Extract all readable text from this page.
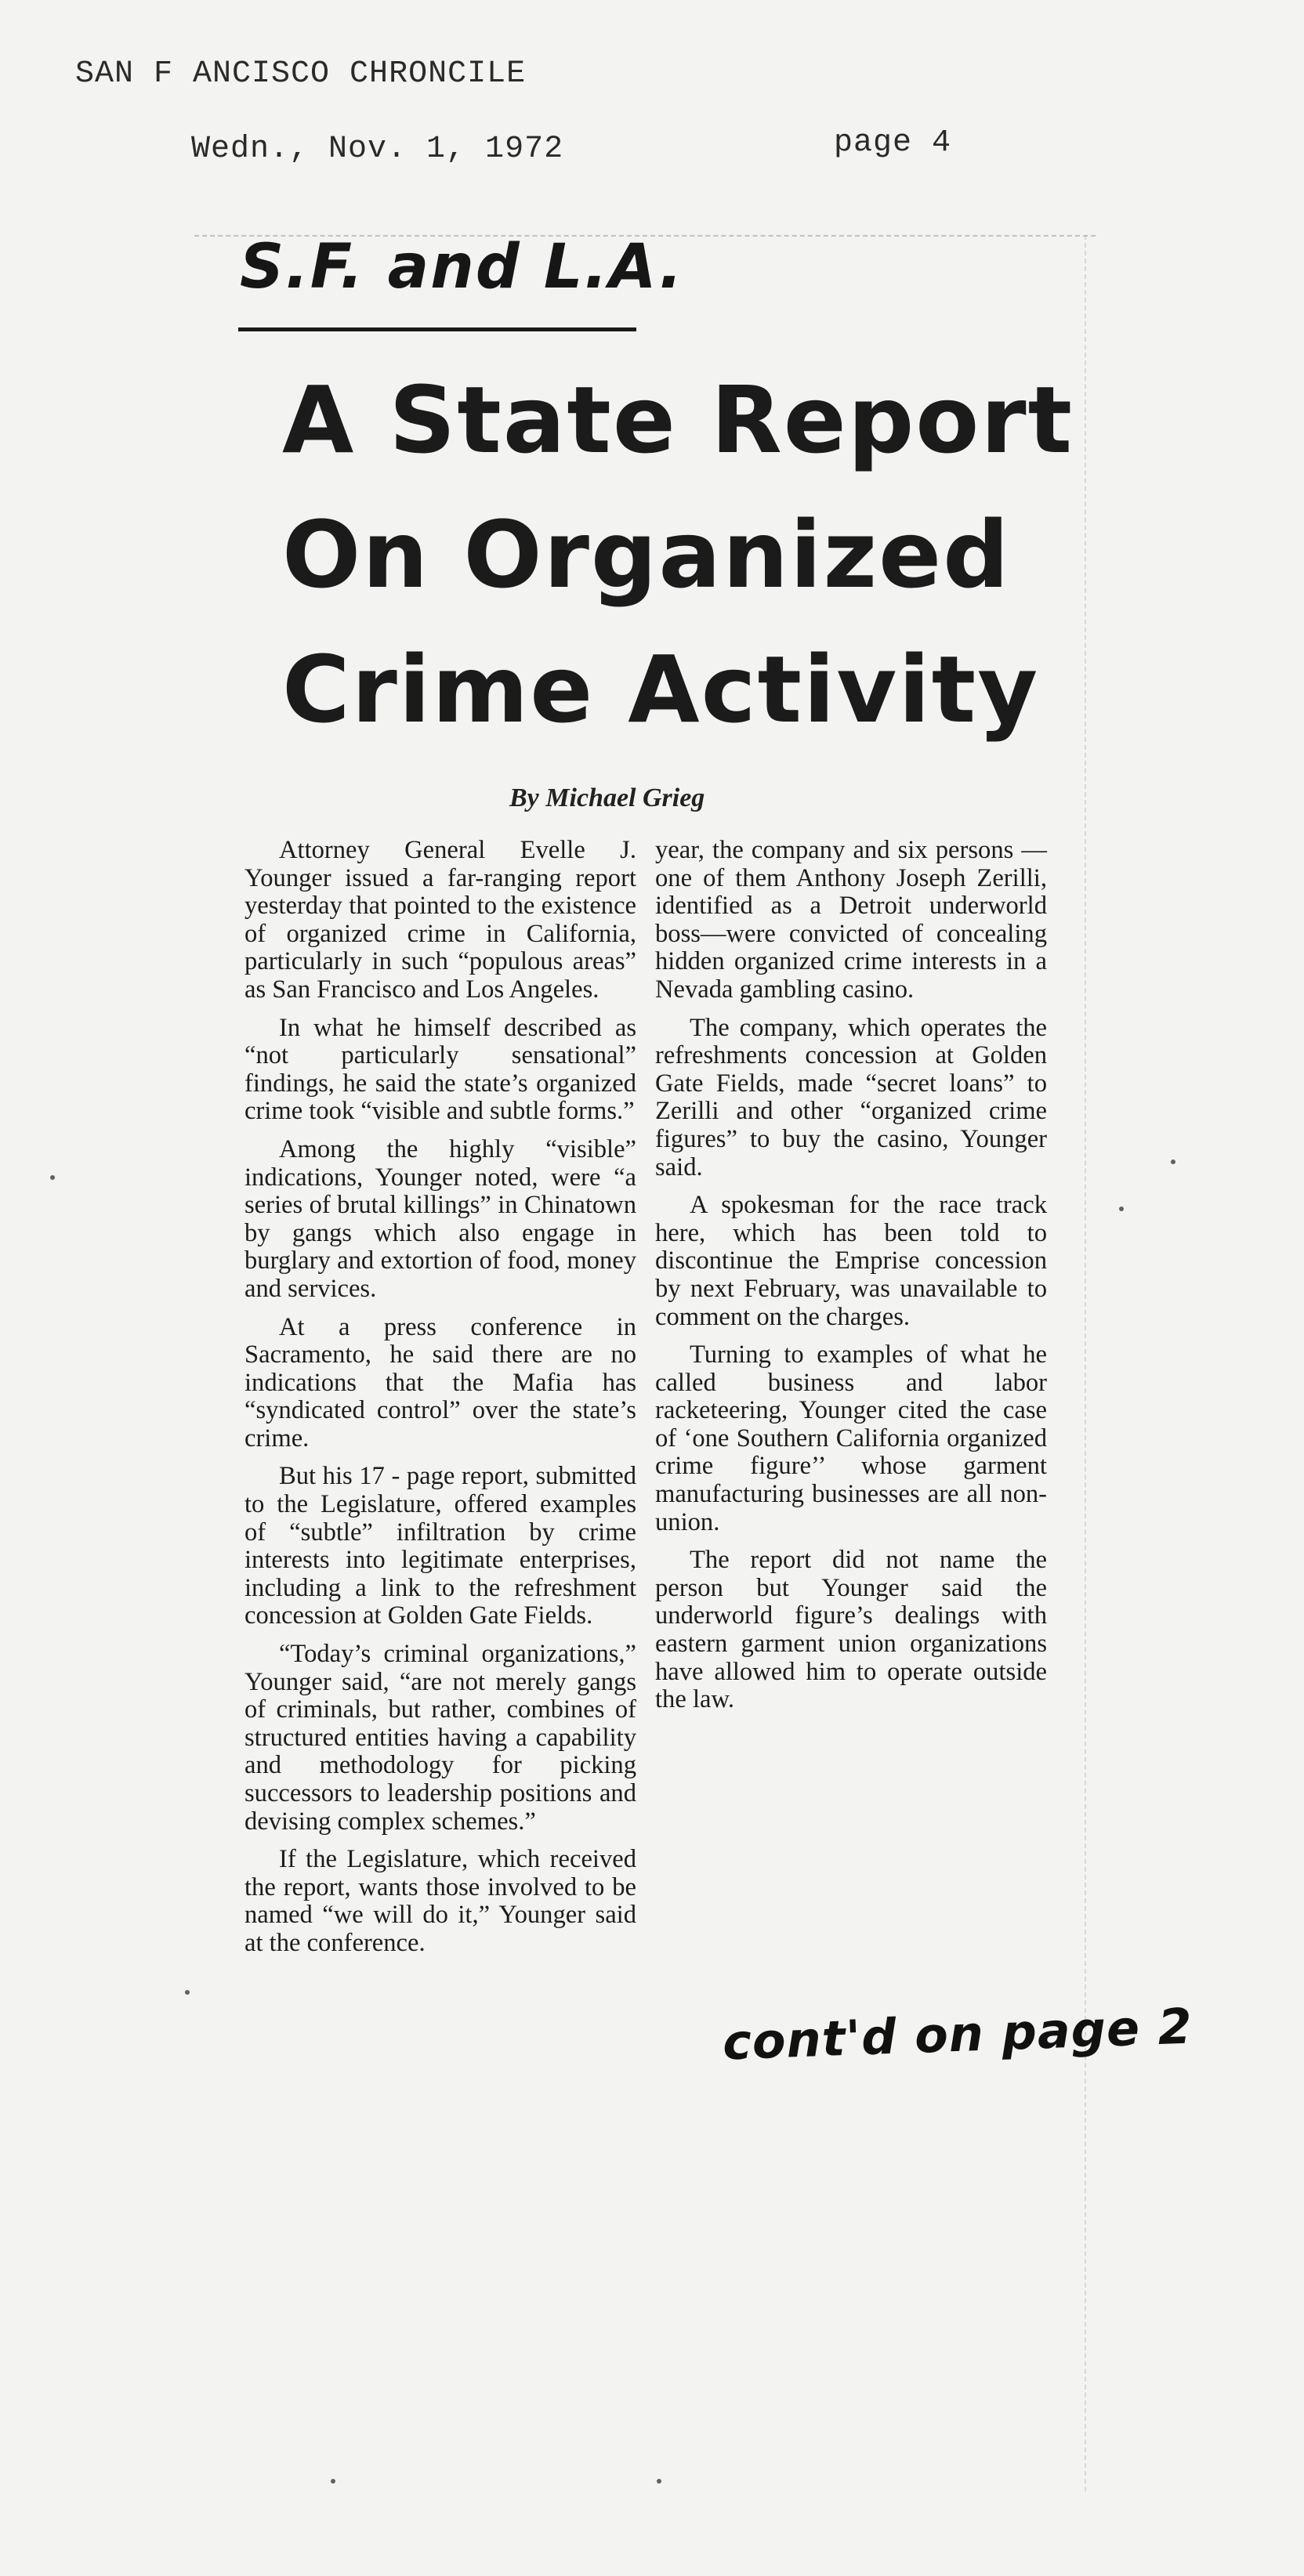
SAN F ANCISCO CHRONCILE
Wedn., Nov. 1, 1972	page 4
S.F. and L.A.
A State Report
On Organized
Crime Activity
By Michael Grieg

Attorney General Evelle J. Younger issued a far-ranging report yesterday that pointed to the existence of organized crime in California, particularly in such “populous areas” as San Francisco and Los Angeles.

In what he himself described as “not particularly sensational” findings, he said the state’s organized crime took “visible and subtle forms.”

Among the highly “visible” indications, Younger noted, were “a series of brutal killings” in Chinatown by gangs which also engage in burglary and extortion of food, money and services.

At a press conference in Sacramento, he said there are no indications that the Mafia has “syndicated control” over the state’s crime.

But his 17 - page report, submitted to the Legislature, offered examples of “subtle” infiltration by crime interests into legitimate enterprises, including a link to the refreshment concession at Golden Gate Fields.

“Today’s criminal organizations,” Younger said, “are not merely gangs of criminals, but rather, combines of structured entities having a capability and methodology for picking successors to leadership positions and devising complex schemes.”

If the Legislature, which received the report, wants those involved to be named “we will do it,” Younger said at the conference.

year, the company and six persons — one of them Anthony Joseph Zerilli, identified as a Detroit underworld boss—were convicted of concealing hidden organized crime interests in a Nevada gambling casino.

The company, which operates the refreshments concession at Golden Gate Fields, made “secret loans” to Zerilli and other “organized crime figures” to buy the casino, Younger said.

A spokesman for the race track here, which has been told to discontinue the Emprise concession by next February, was unavailable to comment on the charges.

Turning to examples of what he called business and labor racketeering, Younger cited the case of ‘one Southern California organized crime figure’’ whose garment manufacturing businesses are all non-union.

The report did not name the person but Younger said the underworld figure’s dealings with eastern garment union organizations have allowed him to operate outside the law.

cont'd on page 2
